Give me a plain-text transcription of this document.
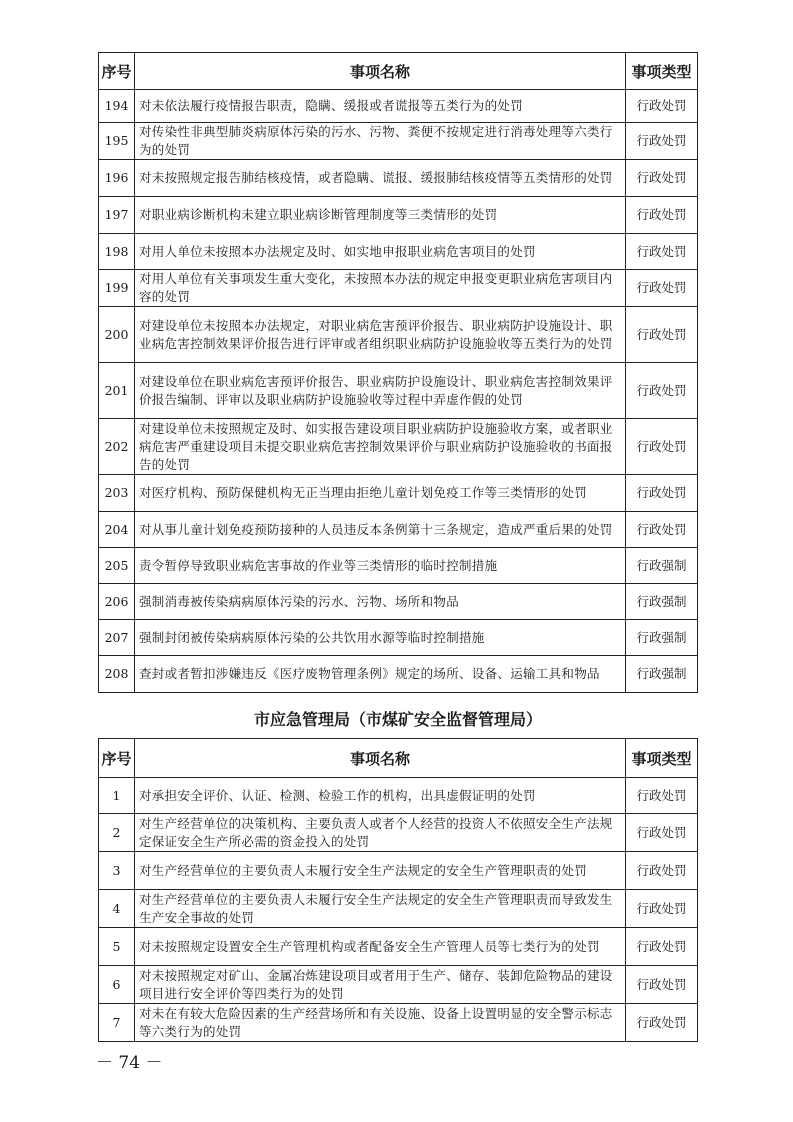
序号	事项名称	事项类型
194	对未依法履行疫情报告职责，隐瞒、缓报或者谎报等五类行为的处罚	行政处罚
195	对传染性非典型肺炎病原体污染的污水、污物、粪便不按规定进行消毒处理等六类行为的处罚	行政处罚
196	对未按照规定报告肺结核疫情，或者隐瞒、谎报、缓报肺结核疫情等五类情形的处罚	行政处罚
197	对职业病诊断机构未建立职业病诊断管理制度等三类情形的处罚	行政处罚
198	对用人单位未按照本办法规定及时、如实地申报职业病危害项目的处罚	行政处罚
199	对用人单位有关事项发生重大变化，未按照本办法的规定申报变更职业病危害项目内容的处罚	行政处罚
200	对建设单位未按照本办法规定，对职业病危害预评价报告、职业病防护设施设计、职业病危害控制效果评价报告进行评审或者组织职业病防护设施验收等五类行为的处罚	行政处罚
201	对建设单位在职业病危害预评价报告、职业病防护设施设计、职业病危害控制效果评价报告编制、评审以及职业病防护设施验收等过程中弄虚作假的处罚	行政处罚
202	对建设单位未按照规定及时、如实报告建设项目职业病防护设施验收方案，或者职业病危害严重建设项目未提交职业病危害控制效果评价与职业病防护设施验收的书面报告的处罚	行政处罚
203	对医疗机构、预防保健机构无正当理由拒绝儿童计划免疫工作等三类情形的处罚	行政处罚
204	对从事儿童计划免疫预防接种的人员违反本条例第十三条规定，造成严重后果的处罚	行政处罚
205	责令暂停导致职业病危害事故的作业等三类情形的临时控制措施	行政强制
206	强制消毒被传染病病原体污染的污水、污物、场所和物品	行政强制
207	强制封闭被传染病病原体污染的公共饮用水源等临时控制措施	行政强制
208	查封或者暂扣涉嫌违反《医疗废物管理条例》规定的场所、设备、运输工具和物品	行政强制
市应急管理局（市煤矿安全监督管理局）
序号	事项名称	事项类型
1	对承担安全评价、认证、检测、检验工作的机构，出具虚假证明的处罚	行政处罚
2	对生产经营单位的决策机构、主要负责人或者个人经营的投资人不依照安全生产法规定保证安全生产所必需的资金投入的处罚	行政处罚
3	对生产经营单位的主要负责人未履行安全生产法规定的安全生产管理职责的处罚	行政处罚
4	对生产经营单位的主要负责人未履行安全生产法规定的安全生产管理职责而导致发生生产安全事故的处罚	行政处罚
5	对未按照规定设置安全生产管理机构或者配备安全生产管理人员等七类行为的处罚	行政处罚
6	对未按照规定对矿山、金属冶炼建设项目或者用于生产、储存、装卸危险物品的建设项目进行安全评价等四类行为的处罚	行政处罚
7	对未在有较大危险因素的生产经营场所和有关设施、设备上设置明显的安全警示标志等六类行为的处罚	行政处罚
－ 74 －
